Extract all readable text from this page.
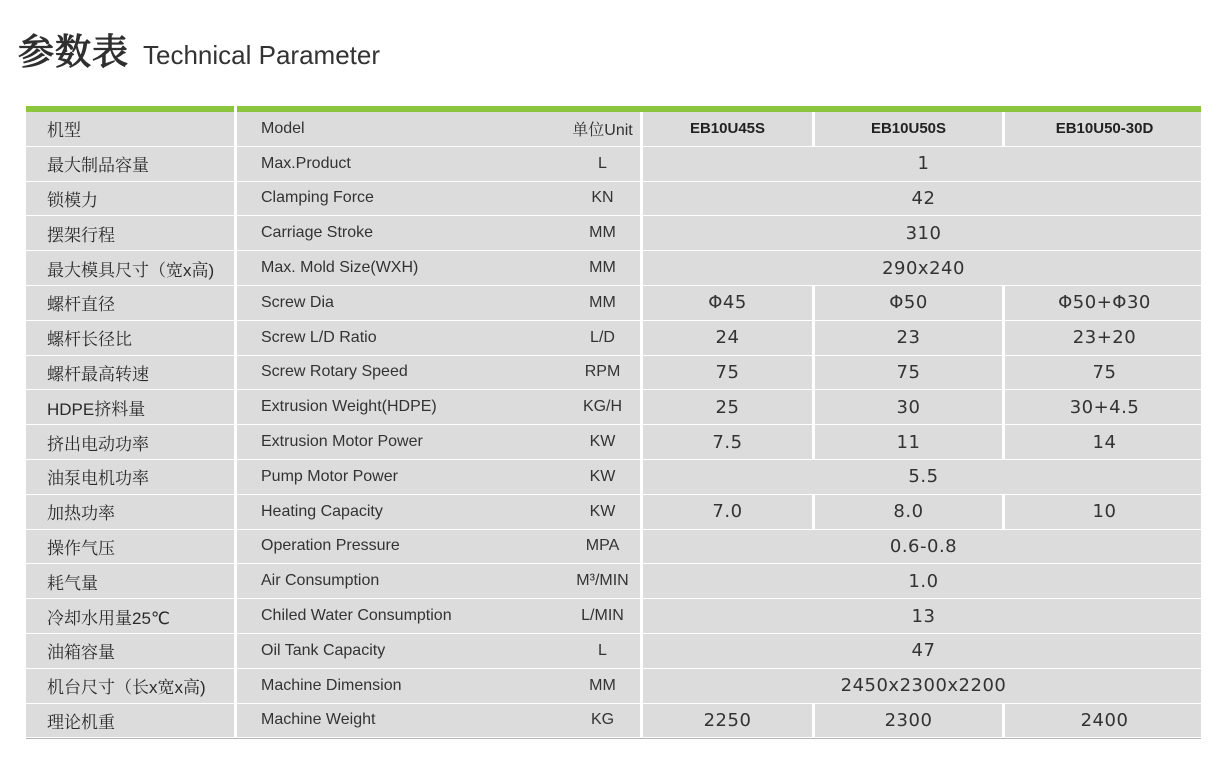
参数表 Technical Parameter
机型	Model	单位Unit	EB10U45S	EB10U50S	EB10U50-30D
最大制品容量	Max.Product	L	1
锁模力	Clamping Force	KN	42
摆架行程	Carriage Stroke	MM	310
最大模具尺寸（宽x高)	Max. Mold Size(WXH)	MM	290x240
螺杆直径	Screw Dia	MM	Φ45	Φ50	Φ50+Φ30
螺杆长径比	Screw L/D Ratio	L/D	24	23	23+20
螺杆最高转速	Screw Rotary Speed	RPM	75	75	75
HDPE挤料量	Extrusion Weight(HDPE)	KG/H	25	30	30+4.5
挤出电动功率	Extrusion Motor Power	KW	7.5	11	14
油泵电机功率	Pump Motor Power	KW	5.5
加热功率	Heating Capacity	KW	7.0	8.0	10
操作气压	Operation Pressure	MPA	0.6-0.8
耗气量	Air Consumption	M³/MIN	1.0
冷却水用量25℃	Chiled Water Consumption	L/MIN	13
油箱容量	Oil Tank Capacity	L	47
机台尺寸（长x宽x高)	Machine Dimension	MM	2450x2300x2200
理论机重	Machine Weight	KG	2250	2300	2400
